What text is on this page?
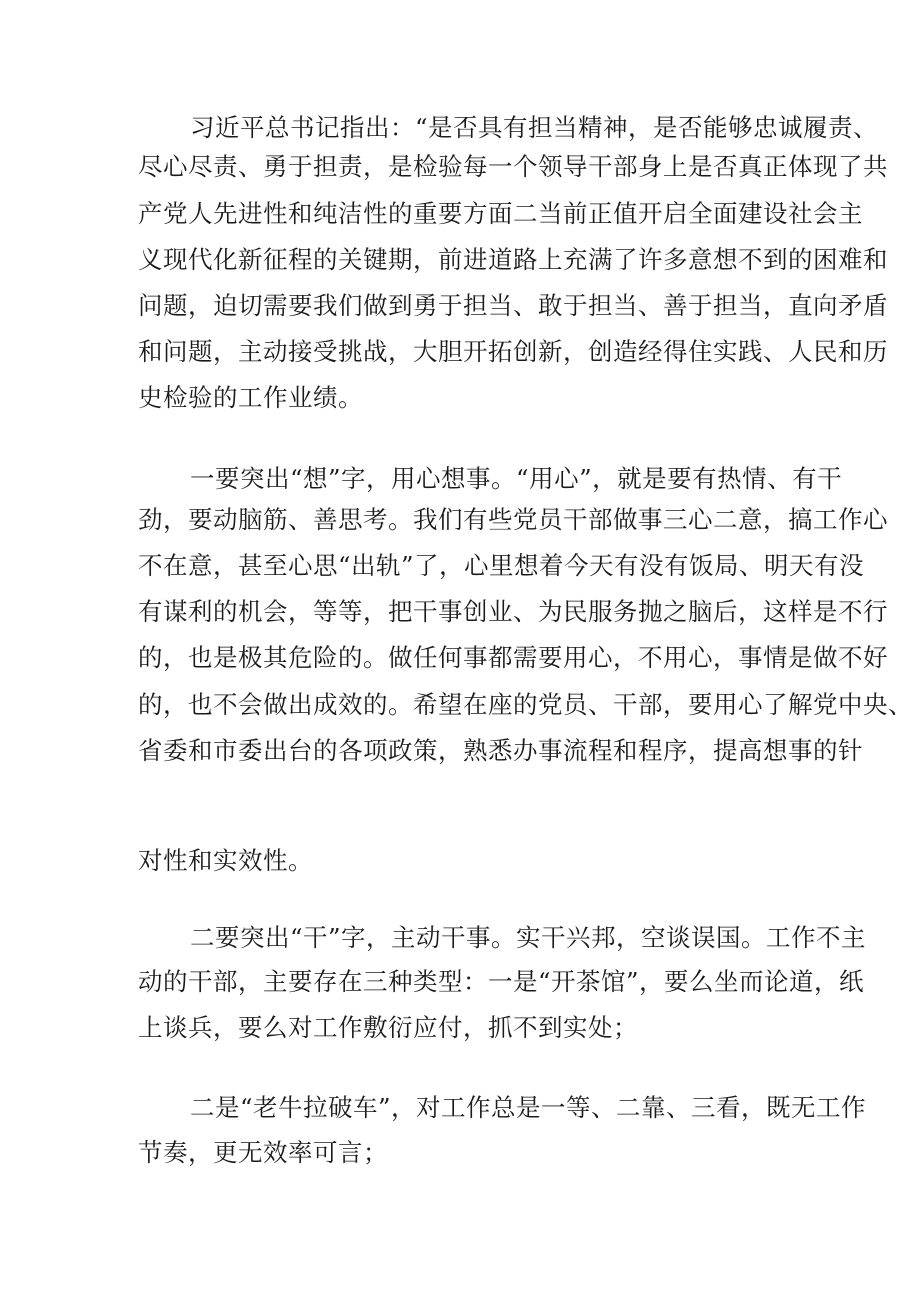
习近平总书记指出：“是否具有担当精神，是否能够忠诚履责、
尽心尽责、勇于担责，是检验每一个领导干部身上是否真正体现了共
产党人先进性和纯洁性的重要方面二当前正值开启全面建设社会主
义现代化新征程的关键期，前进道路上充满了许多意想不到的困难和
问题，迫切需要我们做到勇于担当、敢于担当、善于担当，直向矛盾
和问题，主动接受挑战，大胆开拓创新，创造经得住实践、人民和历
史检验的工作业绩。
一要突出“想”字，用心想事。“用心”，就是要有热情、有干
劲，要动脑筋、善思考。我们有些党员干部做事三心二意，搞工作心
不在意，甚至心思“出轨”了，心里想着今天有没有饭局、明天有没
有谋利的机会，等等，把干事创业、为民服务抛之脑后，这样是不行
的，也是极其危险的。做任何事都需要用心，不用心，事情是做不好
的，也不会做出成效的。希望在座的党员、干部，要用心了解党中央、
省委和市委出台的各项政策，熟悉办事流程和程序，提高想事的针
对性和实效性。
二要突出“干”字，主动干事。实干兴邦，空谈误国。工作不主
动的干部，主要存在三种类型：一是“开茶馆”，要么坐而论道，纸
上谈兵，要么对工作敷衍应付，抓不到实处；
二是“老牛拉破车”，对工作总是一等、二靠、三看，既无工作
节奏，更无效率可言；
